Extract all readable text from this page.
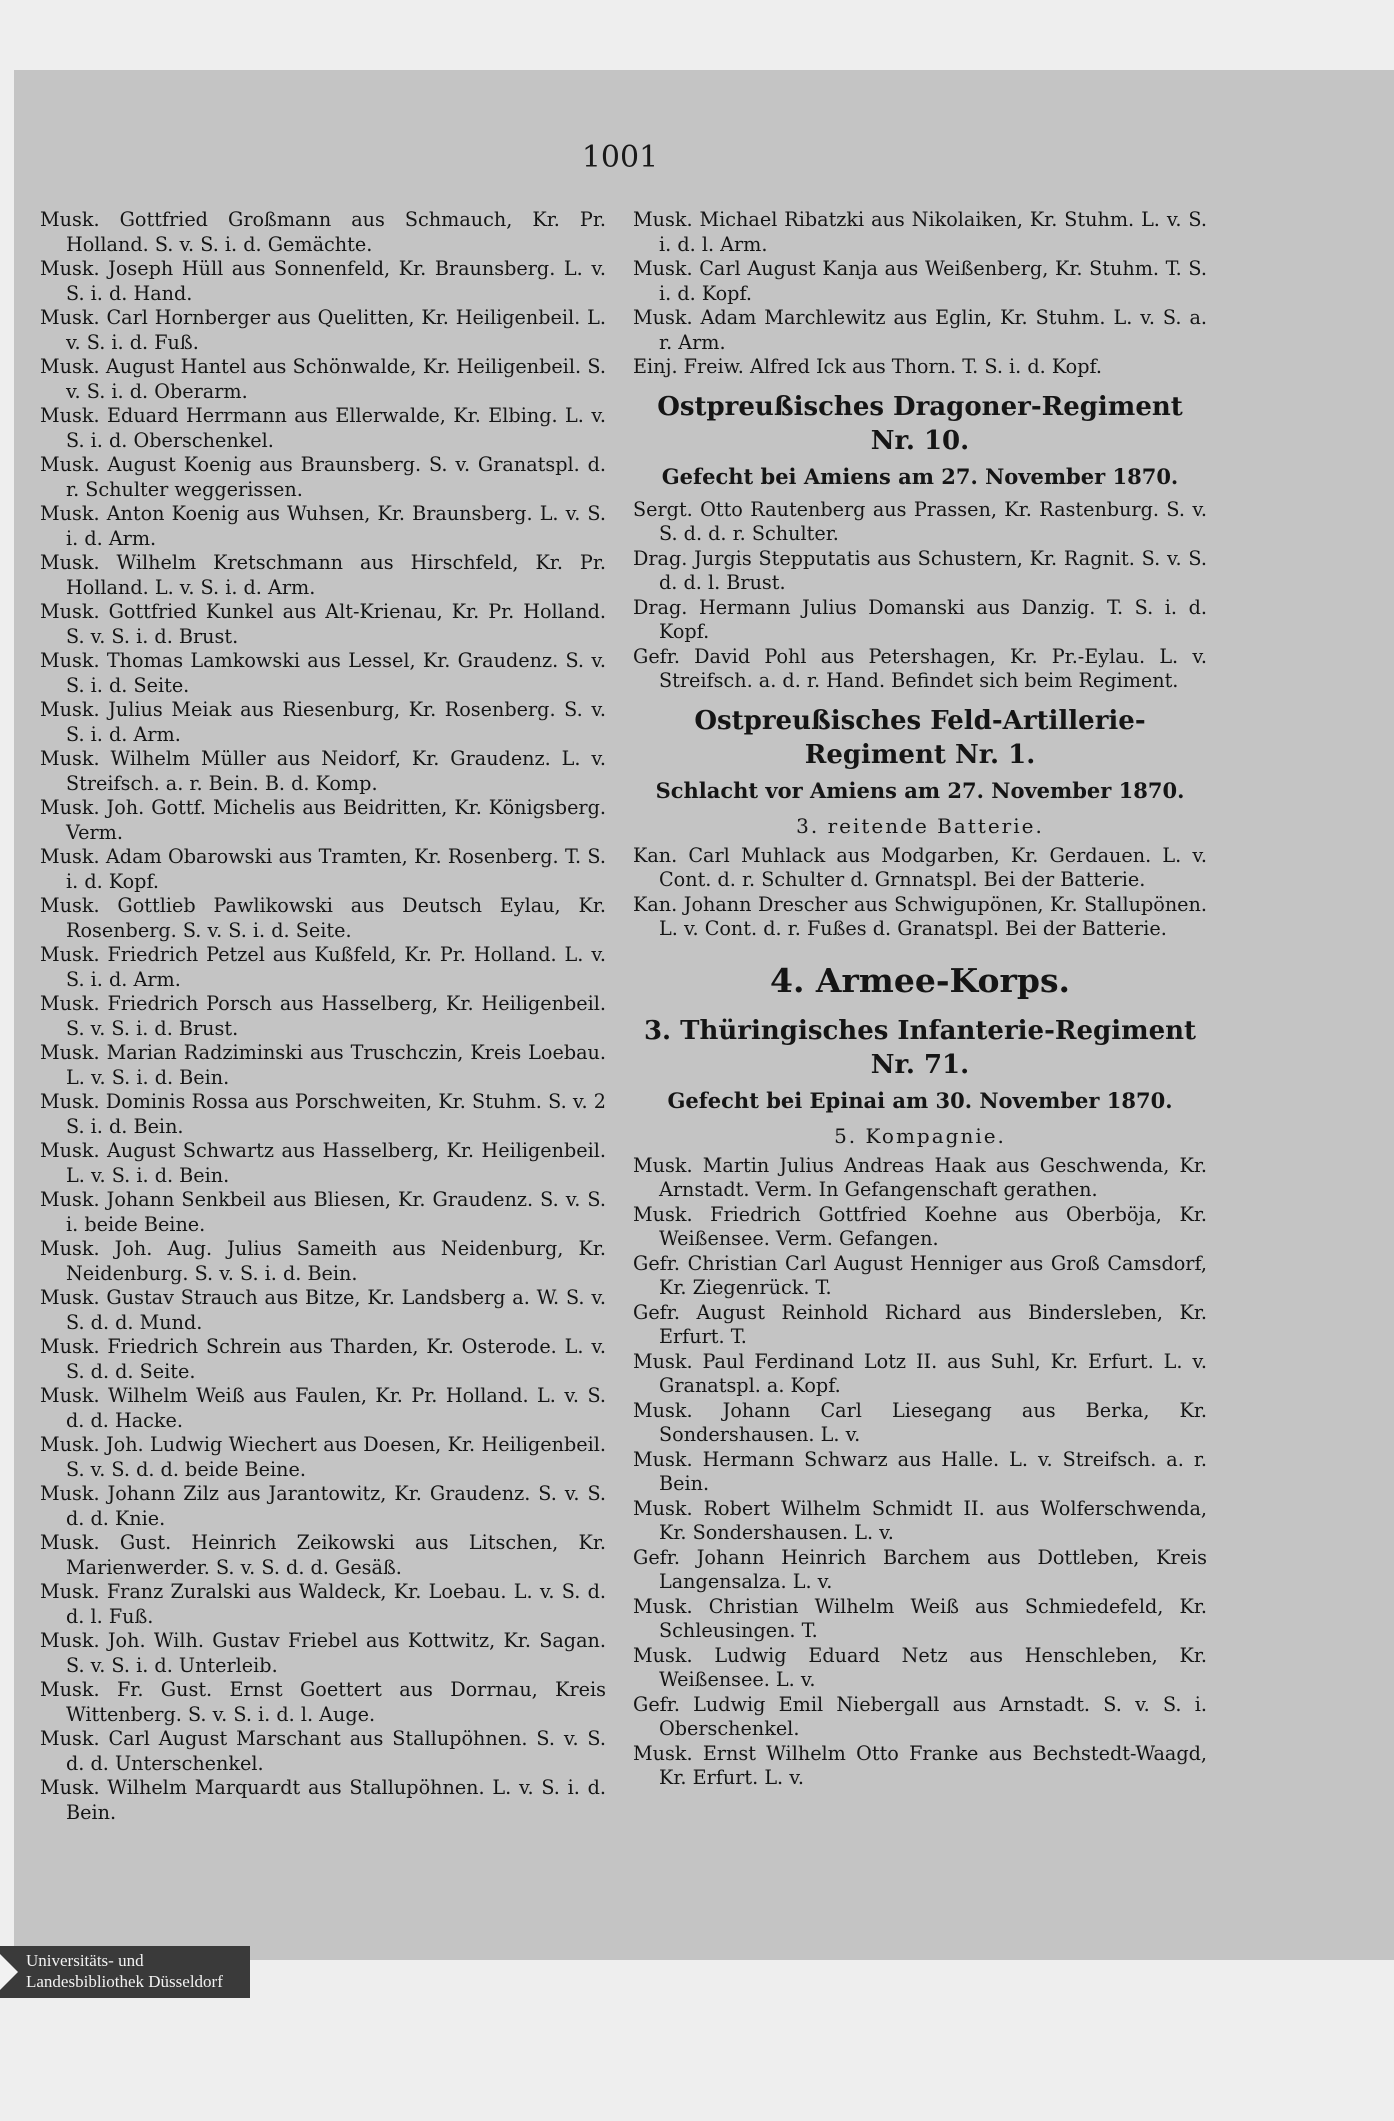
1001
Musk. Gottfried Großmann aus Schmauch, Kr. Pr. Holland. S. v. S. i. d. Gemächte.
Musk. Joseph Hüll aus Sonnenfeld, Kr. Braunsberg. L. v. S. i. d. Hand.
Musk. Carl Hornberger aus Quelitten, Kr. Heiligenbeil. L. v. S. i. d. Fuß.
Musk. August Hantel aus Schönwalde, Kr. Heiligenbeil. S. v. S. i. d. Oberarm.
Musk. Eduard Herrmann aus Ellerwalde, Kr. Elbing. L. v. S. i. d. Oberschenkel.
Musk. August Koenig aus Braunsberg. S. v. Granatspl. d. r. Schulter weggerissen.
Musk. Anton Koenig aus Wuhsen, Kr. Braunsberg. L. v. S. i. d. Arm.
Musk. Wilhelm Kretschmann aus Hirschfeld, Kr. Pr. Holland. L. v. S. i. d. Arm.
Musk. Gottfried Kunkel aus Alt-Krienau, Kr. Pr. Holland. S. v. S. i. d. Brust.
Musk. Thomas Lamkowski aus Lessel, Kr. Graudenz. S. v. S. i. d. Seite.
Musk. Julius Meiak aus Riesenburg, Kr. Rosenberg. S. v. S. i. d. Arm.
Musk. Wilhelm Müller aus Neidorf, Kr. Graudenz. L. v. Streifsch. a. r. Bein. B. d. Komp.
Musk. Joh. Gottf. Michelis aus Beidritten, Kr. Königsberg. Verm.
Musk. Adam Obarowski aus Tramten, Kr. Rosenberg. T. S. i. d. Kopf.
Musk. Gottlieb Pawlikowski aus Deutsch Eylau, Kr. Rosenberg. S. v. S. i. d. Seite.
Musk. Friedrich Petzel aus Kußfeld, Kr. Pr. Holland. L. v. S. i. d. Arm.
Musk. Friedrich Porsch aus Hasselberg, Kr. Heiligenbeil. S. v. S. i. d. Brust.
Musk. Marian Radziminski aus Truschczin, Kreis Loebau. L. v. S. i. d. Bein.
Musk. Dominis Rossa aus Porschweiten, Kr. Stuhm. S. v. 2 S. i. d. Bein.
Musk. August Schwartz aus Hasselberg, Kr. Heiligenbeil. L. v. S. i. d. Bein.
Musk. Johann Senkbeil aus Bliesen, Kr. Graudenz. S. v. S. i. beide Beine.
Musk. Joh. Aug. Julius Sameith aus Neidenburg, Kr. Neidenburg. S. v. S. i. d. Bein.
Musk. Gustav Strauch aus Bitze, Kr. Landsberg a. W. S. v. S. d. d. Mund.
Musk. Friedrich Schrein aus Tharden, Kr. Osterode. L. v. S. d. d. Seite.
Musk. Wilhelm Weiß aus Faulen, Kr. Pr. Holland. L. v. S. d. d. Hacke.
Musk. Joh. Ludwig Wiechert aus Doesen, Kr. Heiligenbeil. S. v. S. d. d. beide Beine.
Musk. Johann Zilz aus Jarantowitz, Kr. Graudenz. S. v. S. d. d. Knie.
Musk. Gust. Heinrich Zeikowski aus Litschen, Kr. Marienwerder. S. v. S. d. d. Gesäß.
Musk. Franz Zuralski aus Waldeck, Kr. Loebau. L. v. S. d. d. l. Fuß.
Musk. Joh. Wilh. Gustav Friebel aus Kottwitz, Kr. Sagan. S. v. S. i. d. Unterleib.
Musk. Fr. Gust. Ernst Goettert aus Dorrnau, Kreis Wittenberg. S. v. S. i. d. l. Auge.
Musk. Carl August Marschant aus Stallupöhnen. S. v. S. d. d. Unterschenkel.
Musk. Wilhelm Marquardt aus Stallupöhnen. L. v. S. i. d. Bein.
Musk. Michael Ribatzki aus Nikolaiken, Kr. Stuhm. L. v. S. i. d. l. Arm.
Musk. Carl August Kanja aus Weißenberg, Kr. Stuhm. T. S. i. d. Kopf.
Musk. Adam Marchlewitz aus Eglin, Kr. Stuhm. L. v. S. a. r. Arm.
Einj. Freiw. Alfred Ick aus Thorn. T. S. i. d. Kopf.
Ostpreußisches Dragoner-Regiment Nr. 10.
Gefecht bei Amiens am 27. November 1870.
Sergt. Otto Rautenberg aus Prassen, Kr. Rastenburg. S. v. S. d. d. r. Schulter.
Drag. Jurgis Stepputatis aus Schustern, Kr. Ragnit. S. v. S. d. d. l. Brust.
Drag. Hermann Julius Domanski aus Danzig. T. S. i. d. Kopf.
Gefr. David Pohl aus Petershagen, Kr. Pr.-Eylau. L. v. Streifsch. a. d. r. Hand. Befindet sich beim Regiment.
Ostpreußisches Feld-Artillerie-Regiment Nr. 1.
Schlacht vor Amiens am 27. November 1870.
3. reitende Batterie.
Kan. Carl Muhlack aus Modgarben, Kr. Gerdauen. L. v. Cont. d. r. Schulter d. Grnnatspl. Bei der Batterie.
Kan. Johann Drescher aus Schwigupönen, Kr. Stallupönen. L. v. Cont. d. r. Fußes d. Granatspl. Bei der Batterie.
4. Armee-Korps.
3. Thüringisches Infanterie-Regiment Nr. 71.
Gefecht bei Epinai am 30. November 1870.
5. Kompagnie.
Musk. Martin Julius Andreas Haak aus Geschwenda, Kr. Arnstadt. Verm. In Gefangenschaft gerathen.
Musk. Friedrich Gottfried Koehne aus Oberböja, Kr. Weißensee. Verm. Gefangen.
Gefr. Christian Carl August Henniger aus Groß Camsdorf, Kr. Ziegenrück. T.
Gefr. August Reinhold Richard aus Bindersleben, Kr. Erfurt. T.
Musk. Paul Ferdinand Lotz II. aus Suhl, Kr. Erfurt. L. v. Granatspl. a. Kopf.
Musk. Johann Carl Liesegang aus Berka, Kr. Sondershausen. L. v.
Musk. Hermann Schwarz aus Halle. L. v. Streifsch. a. r. Bein.
Musk. Robert Wilhelm Schmidt II. aus Wolferschwenda, Kr. Sondershausen. L. v.
Gefr. Johann Heinrich Barchem aus Dottleben, Kreis Langensalza. L. v.
Musk. Christian Wilhelm Weiß aus Schmiedefeld, Kr. Schleusingen. T.
Musk. Ludwig Eduard Netz aus Henschleben, Kr. Weißensee. L. v.
Gefr. Ludwig Emil Niebergall aus Arnstadt. S. v. S. i. Oberschenkel.
Musk. Ernst Wilhelm Otto Franke aus Bechstedt-Waagd, Kr. Erfurt. L. v.
Universitäts- und
Landesbibliothek Düsseldorf
